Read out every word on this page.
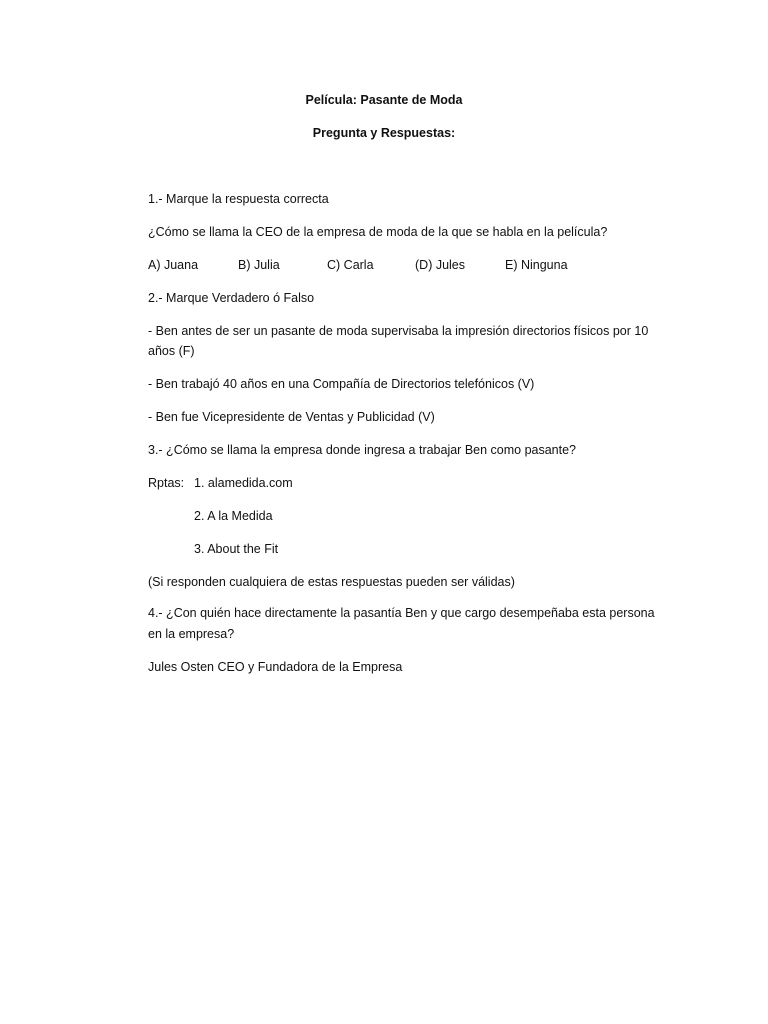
Película: Pasante de Moda
Pregunta y Respuestas:
1.- Marque la respuesta correcta
¿Cómo se llama la CEO de la empresa de moda de la que se habla en la película?
A) Juana	B) Julia	C) Carla	(D) Jules	E) Ninguna
2.- Marque Verdadero ó Falso
- Ben antes de ser un pasante de moda supervisaba la impresión directorios físicos por 10
años (F)
- Ben trabajó 40 años en una Compañía de Directorios telefónicos (V)
- Ben fue Vicepresidente de Ventas y Publicidad (V)
3.- ¿Cómo se llama la empresa donde ingresa a trabajar Ben como pasante?
Rptas: 1. alamedida.com
2. A la Medida
3. About the Fit
(Si responden cualquiera de estas respuestas pueden ser válidas)
4.- ¿Con quién hace directamente la pasantía Ben y que cargo desempeñaba esta persona
en la empresa?
Jules Osten CEO y Fundadora de la Empresa
